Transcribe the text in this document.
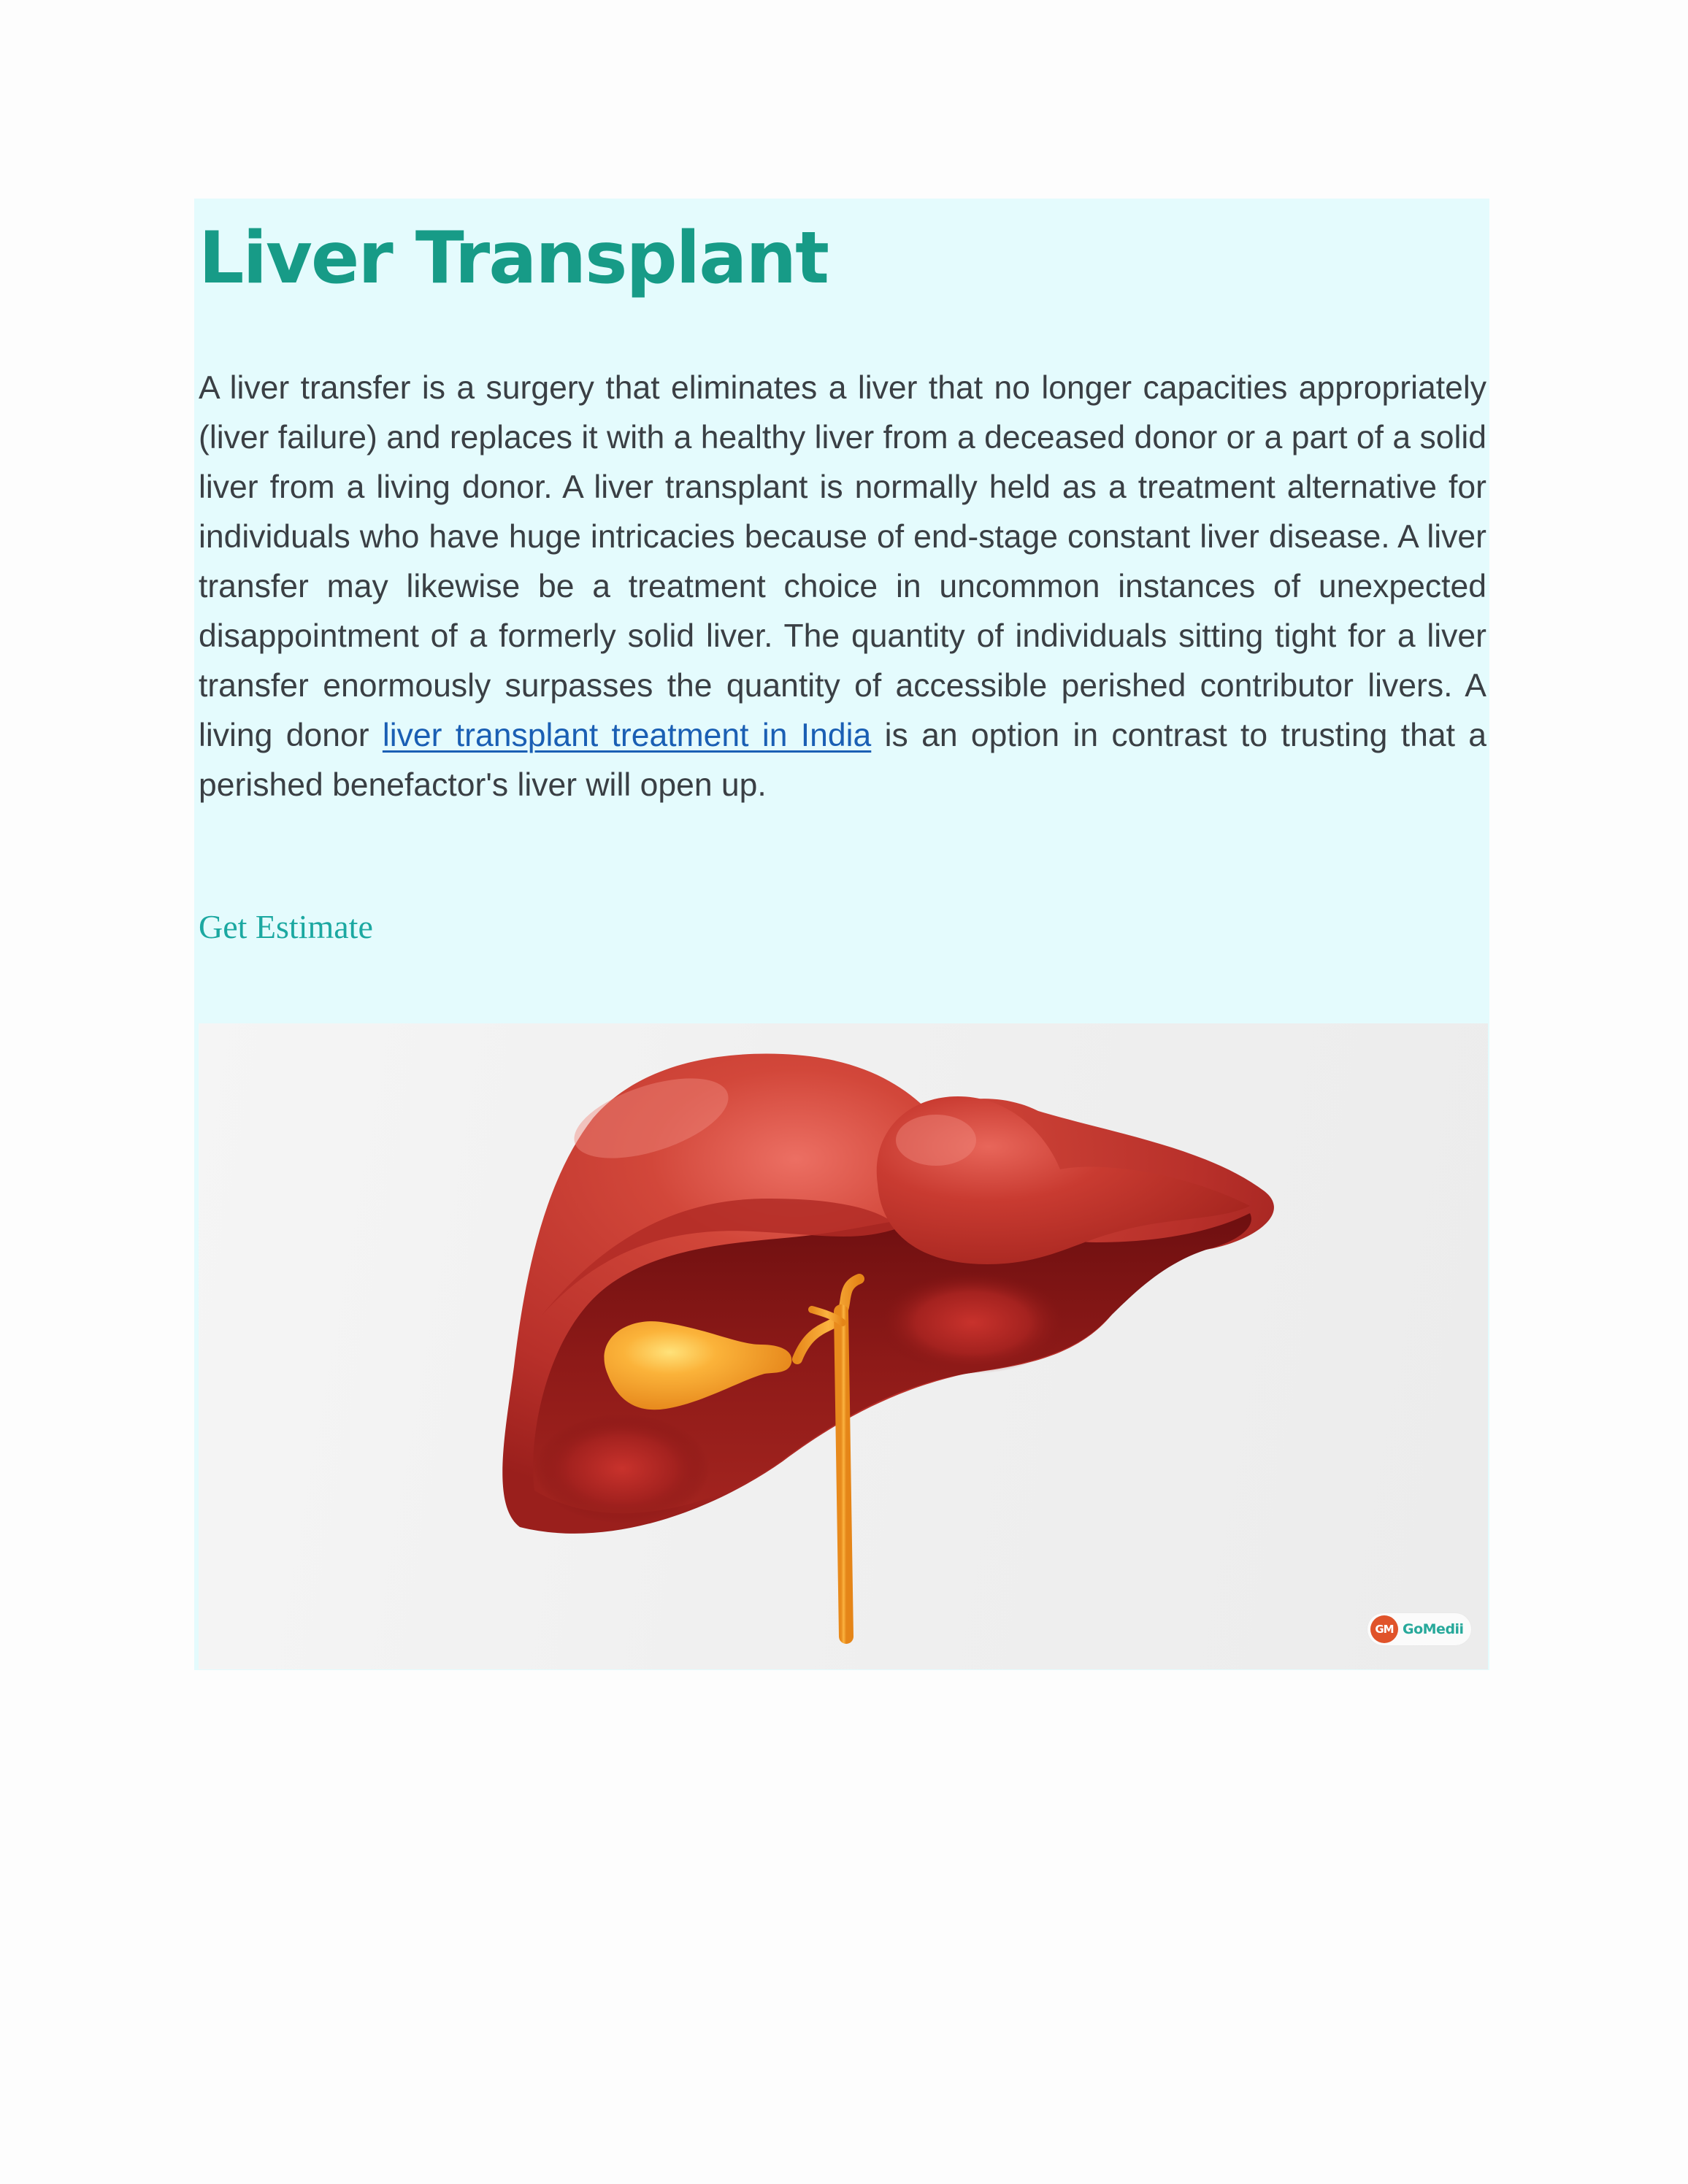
Liver Transplant

A liver transfer is a surgery that eliminates a liver that no longer capacities appropriately (liver failure) and replaces it with a healthy liver from a deceased donor or a part of a solid liver from a living donor. A liver transplant is normally held as a treatment alternative for individuals who have huge intricacies because of end-stage constant liver disease. A liver transfer may likewise be a treatment choice in uncommon instances of unexpected disappointment of a formerly solid liver. The quantity of individuals sitting tight for a liver transfer enormously surpasses the quantity of accessible perished contributor livers. A living donor liver transplant treatment in India is an option in contrast to trusting that a perished benefactor's liver will open up.

Get Estimate
GM GoMedii
